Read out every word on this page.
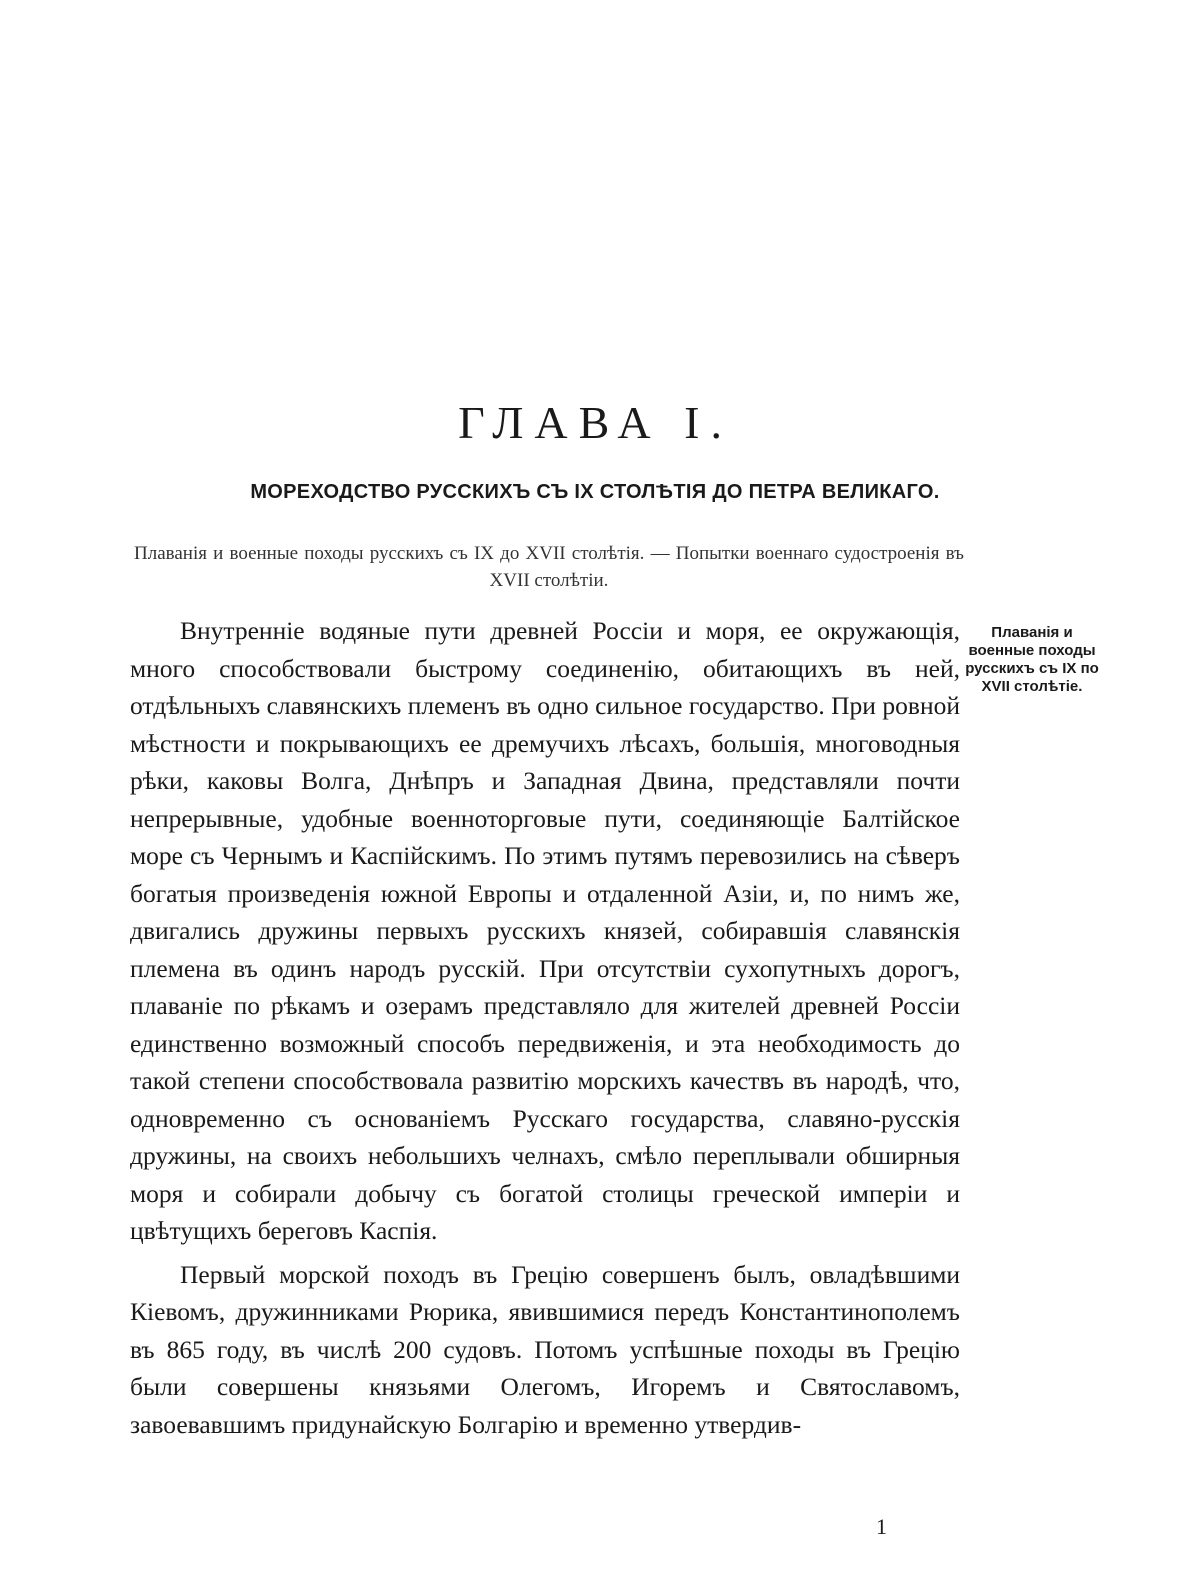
ГЛАВА I.
МОРЕХОДСТВО РУССКИХЪ СЪ IX СТОЛѢТІЯ ДО ПЕТРА ВЕЛИКАГО.

Плаванія и военные походы русскихъ съ IX до XVII столѣтія. — Попытки военнаго судостроенія въ XVII столѣтіи.

Внутренніе водяные пути древней Россіи и моря, ее окружающія, много способствовали быстрому соединенію, обитающихъ въ ней, отдѣльныхъ славянскихъ племенъ въ одно сильное государство. При ровной мѣстности и покрывающихъ ее дремучихъ лѣсахъ, большія, многоводныя рѣки, каковы Волга, Днѣпръ и Западная Двина, представляли почти непрерывные, удобные военноторговые пути, соединяющіе Балтійское море съ Чернымъ и Каспійскимъ. По этимъ путямъ перевозились на сѣверъ богатыя произведенія южной Европы и отдаленной Азіи, и, по нимъ же, двигались дружины первыхъ русскихъ князей, собиравшія славянскія племена въ одинъ народъ русскій. При отсутствіи сухопутныхъ дорогъ, плаваніе по рѣкамъ и озерамъ представляло для жителей древней Россіи единственно возможный способъ передвиженія, и эта необходимость до такой степени способствовала развитію морскихъ качествъ въ народѣ, что, одновременно съ основаніемъ Русскаго государства, славяно-русскія дружины, на своихъ небольшихъ челнахъ, смѣло переплывали обширныя моря и собирали добычу съ богатой столицы греческой имперіи и цвѣтущихъ береговъ Каспія.

Первый морской походъ въ Грецію совершенъ былъ, овладѣвшими Кіевомъ, дружинниками Рюрика, явившимися передъ Константинополемъ въ 865 году, въ числѣ 200 судовъ. Потомъ успѣшные походы въ Грецію были совершены князьями Олегомъ, Игоремъ и Святославомъ, завоевавшимъ придунайскую Болгарію и временно утвердив-

Плаванія и военные походы русскихъ съ IX по XVII столѣтіе.

1
